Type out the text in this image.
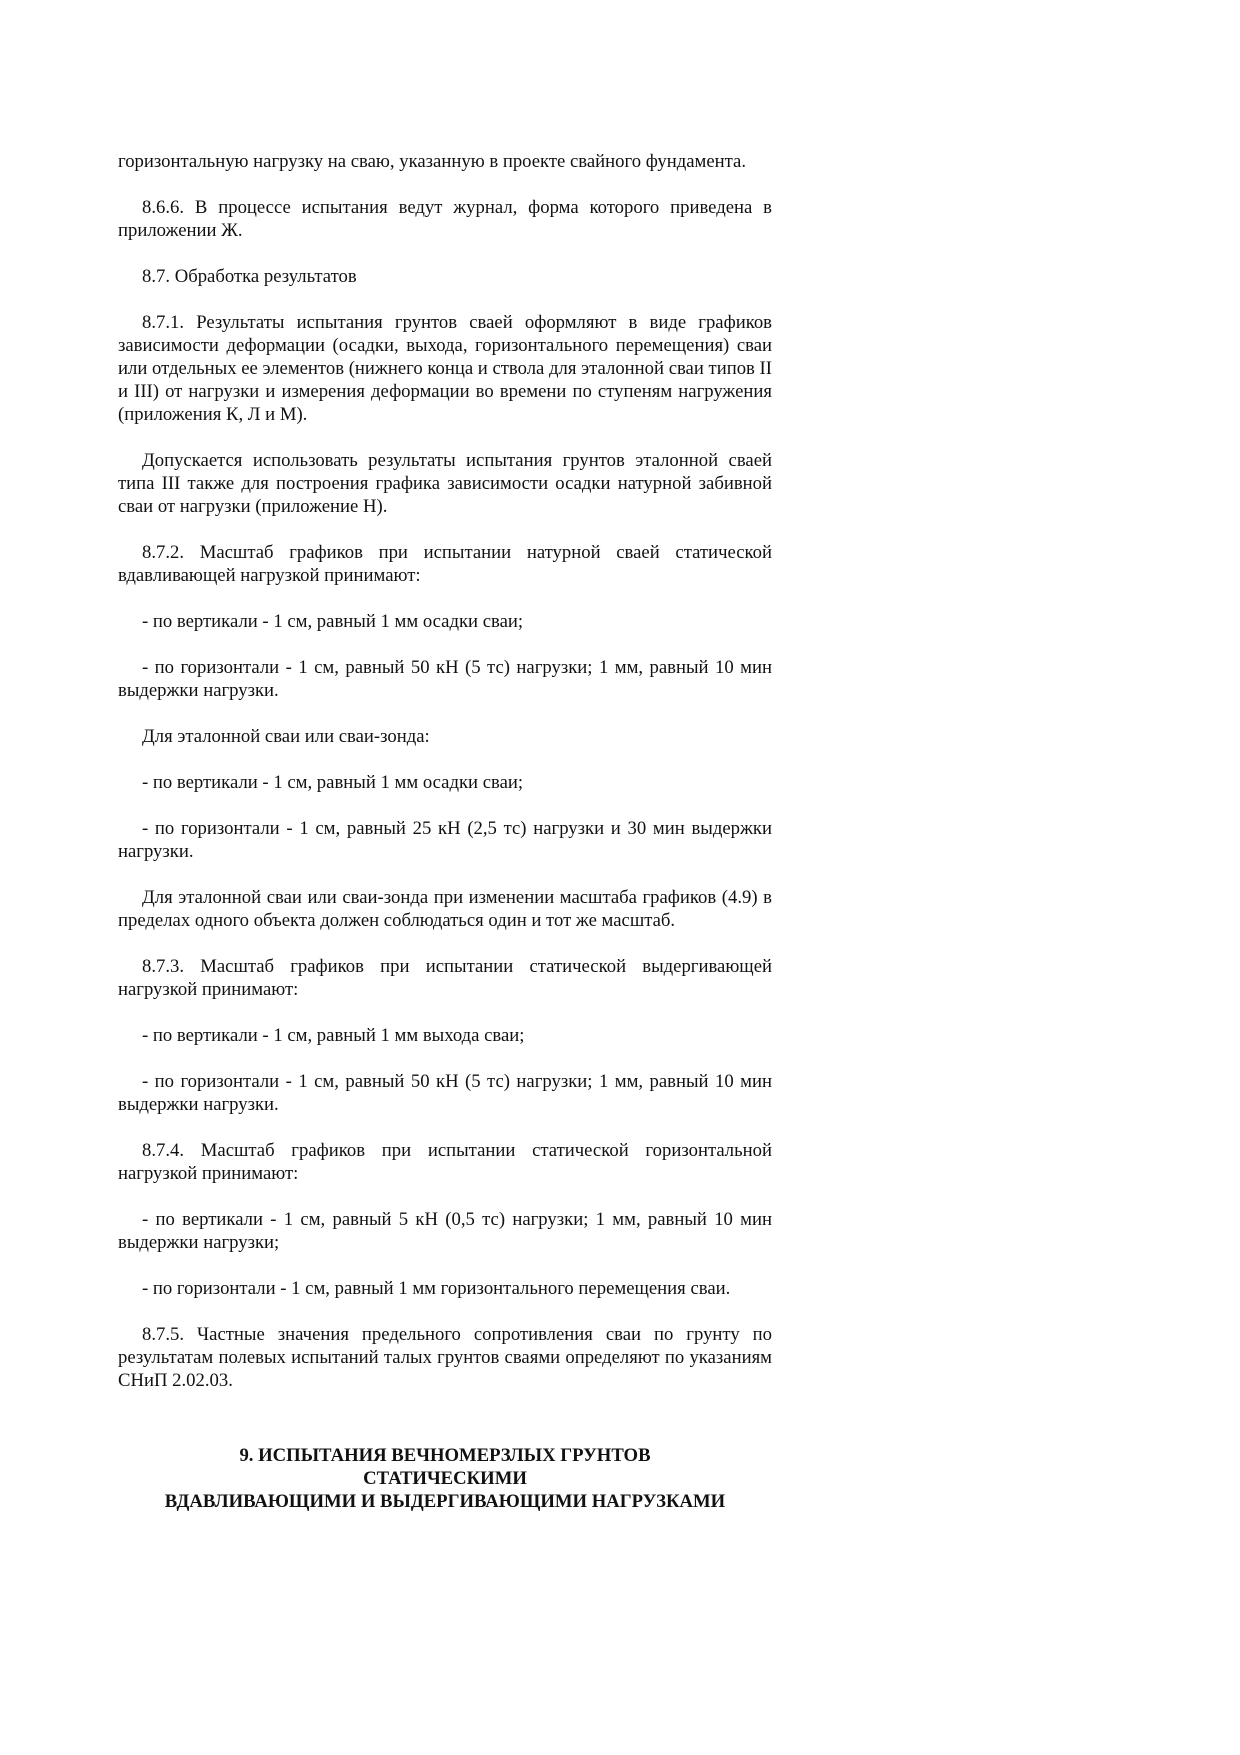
горизонтальную нагрузку на сваю, указанную в проекте свайного фундамента.

8.6.6. В процессе испытания ведут журнал, форма которого приведена в приложении Ж.

8.7. Обработка результатов

8.7.1. Результаты испытания грунтов сваей оформляют в виде графиков зависимости деформации (осадки, выхода, горизонтального перемещения) сваи или отдельных ее элементов (нижнего конца и ствола для эталонной сваи типов II и III) от нагрузки и измерения деформации во времени по ступеням нагружения (приложения К, Л и М).

Допускается использовать результаты испытания грунтов эталонной сваей типа III также для построения графика зависимости осадки натурной забивной сваи от нагрузки (приложение Н).

8.7.2. Масштаб графиков при испытании натурной сваей статической вдавливающей нагрузкой принимают:

- по вертикали - 1 см, равный 1 мм осадки сваи;

- по горизонтали - 1 см, равный 50 кН (5 тс) нагрузки; 1 мм, равный 10 мин выдержки нагрузки.

Для эталонной сваи или сваи-зонда:

- по вертикали - 1 см, равный 1 мм осадки сваи;

- по горизонтали - 1 см, равный 25 кН (2,5 тс) нагрузки и 30 мин выдержки нагрузки.

Для эталонной сваи или сваи-зонда при изменении масштаба графиков (4.9) в пределах одного объекта должен соблюдаться один и тот же масштаб.

8.7.3. Масштаб графиков при испытании статической выдергивающей нагрузкой принимают:

- по вертикали - 1 см, равный 1 мм выхода сваи;

- по горизонтали - 1 см, равный 50 кН (5 тс) нагрузки; 1 мм, равный 10 мин выдержки нагрузки.

8.7.4. Масштаб графиков при испытании статической горизонтальной нагрузкой принимают:

- по вертикали - 1 см, равный 5 кН (0,5 тс) нагрузки; 1 мм, равный 10 мин выдержки нагрузки;

- по горизонтали - 1 см, равный 1 мм горизонтального перемещения сваи.

8.7.5. Частные значения предельного сопротивления сваи по грунту по результатам полевых испытаний талых грунтов сваями определяют по указаниям СНиП 2.02.03.

9. ИСПЫТАНИЯ ВЕЧНОМЕРЗЛЫХ ГРУНТОВ
СТАТИЧЕСКИМИ
ВДАВЛИВАЮЩИМИ И ВЫДЕРГИВАЮЩИМИ НАГРУЗКАМИ
